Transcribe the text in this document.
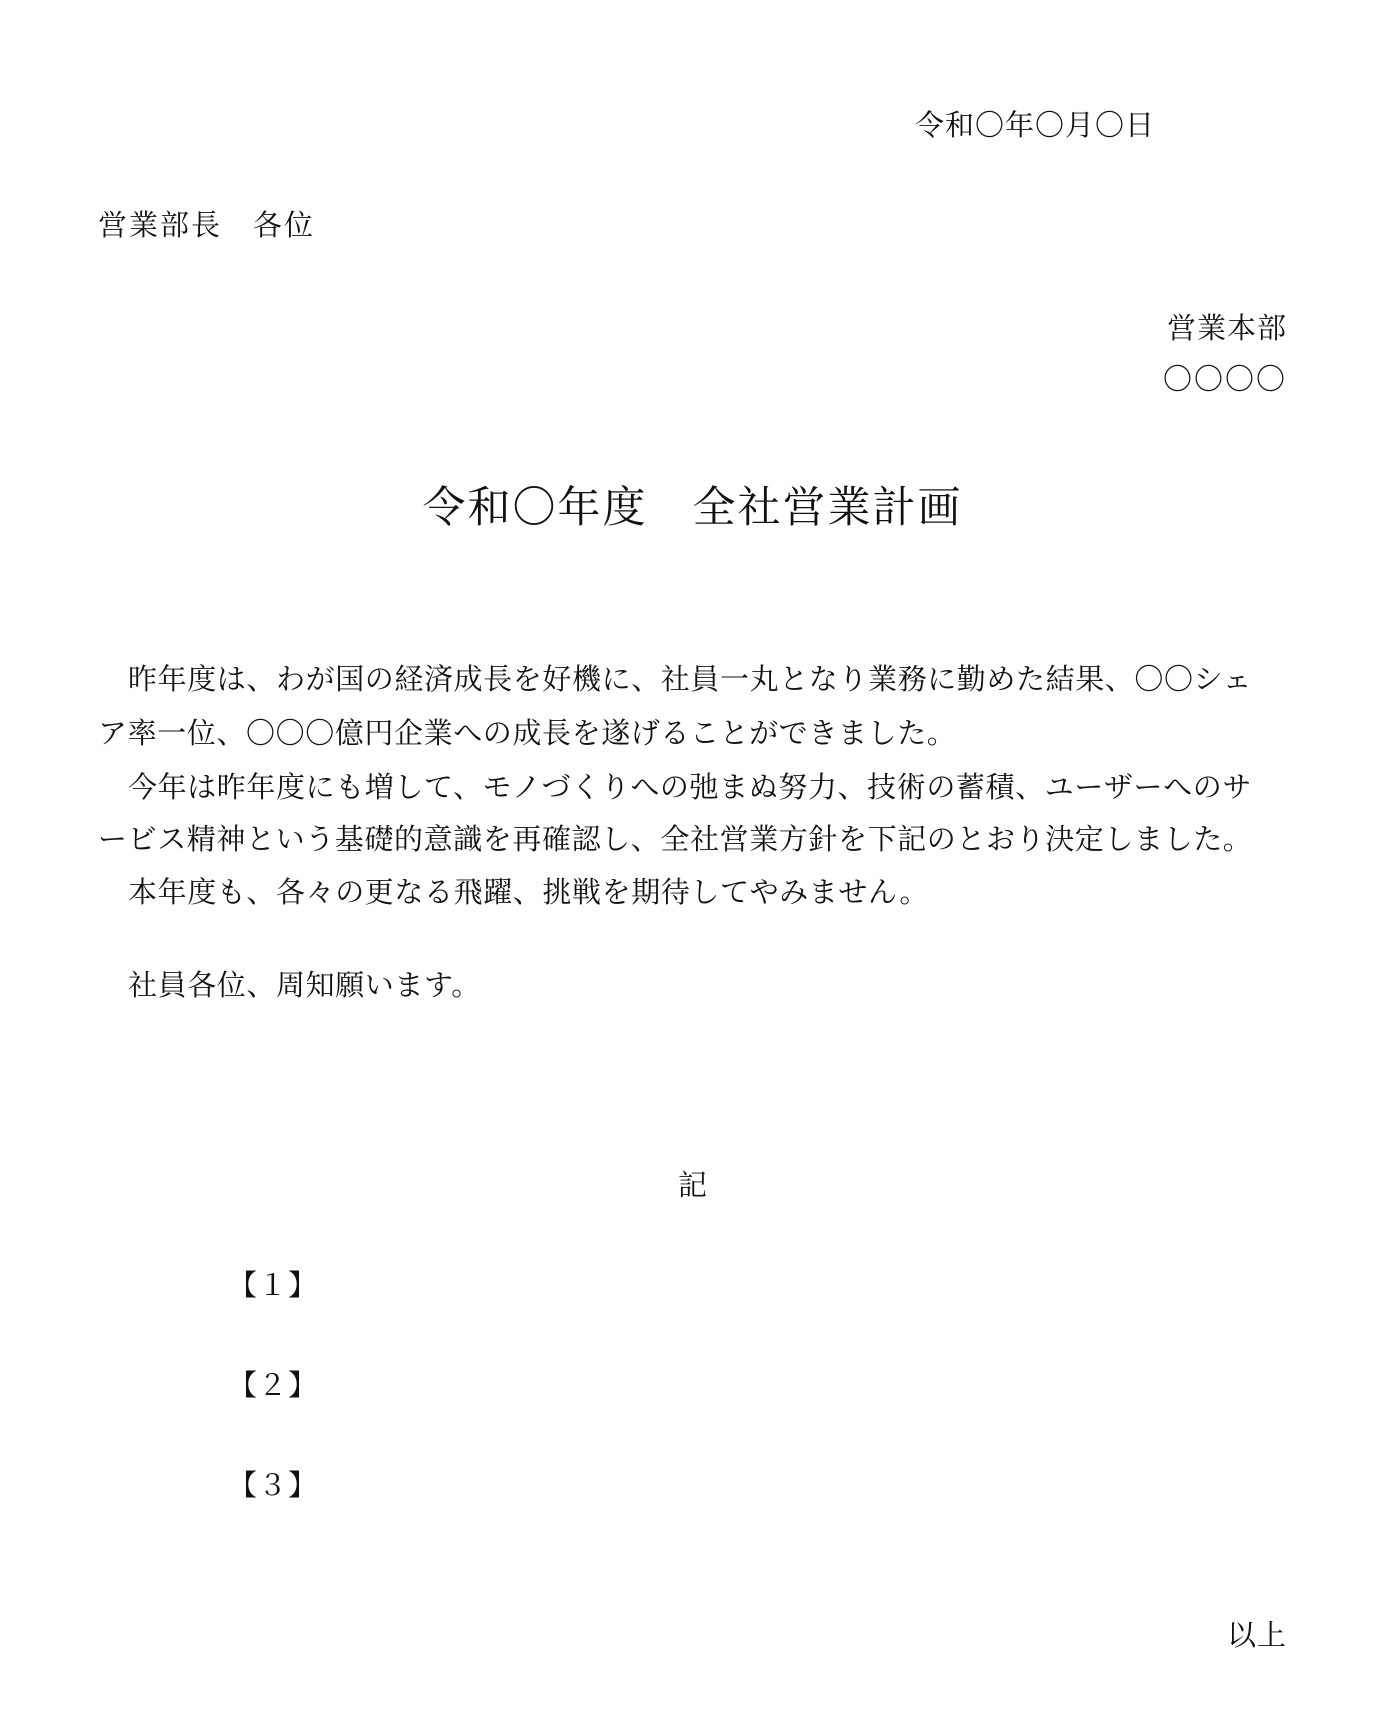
令和〇年〇月〇日
営業部長　各位
営業本部
〇〇〇〇
令和〇年度　全社営業計画
昨年度は、わが国の経済成長を好機に、社員一丸となり業務に勤めた結果、〇〇シェ
ア率一位、〇〇〇億円企業への成長を遂げることができました。
今年は昨年度にも増して、モノづくりへの弛まぬ努力、技術の蓄積、ユーザーへのサ
ービス精神という基礎的意識を再確認し、全社営業方針を下記のとおり決定しました。
本年度も、各々の更なる飛躍、挑戦を期待してやみません。
社員各位、周知願います。
記
【１】
【２】
【３】
以上
